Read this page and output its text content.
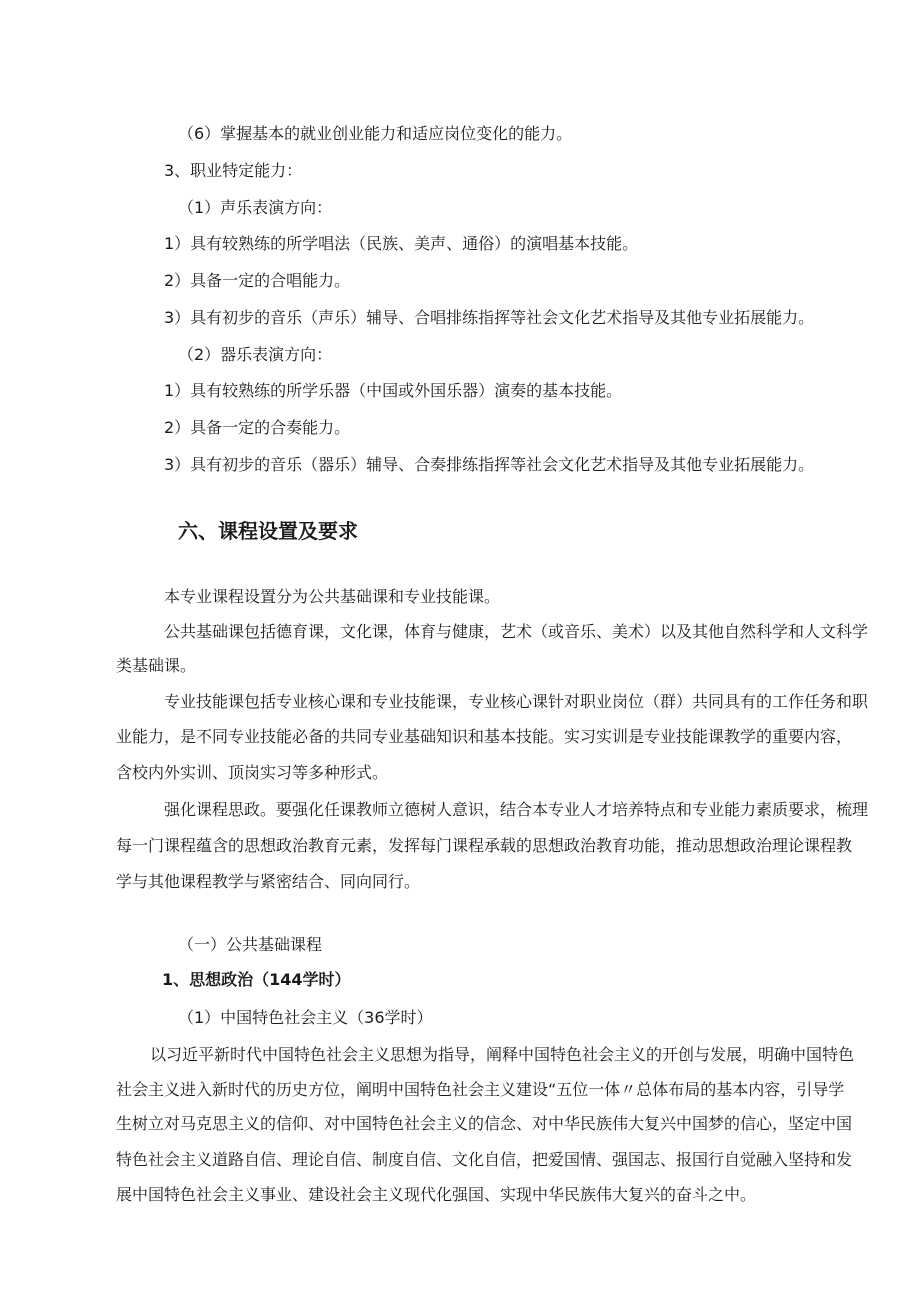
（6）掌握基本的就业创业能力和适应岗位变化的能力。

3、职业特定能力：

（1）声乐表演方向：

1）具有较熟练的所学唱法（民族、美声、通俗）的演唱基本技能。

2）具备一定的合唱能力。

3）具有初步的音乐（声乐）辅导、合唱排练指挥等社会文化艺术指导及其他专业拓展能力。

（2）器乐表演方向：

1）具有较熟练的所学乐器（中国或外国乐器）演奏的基本技能。

2）具备一定的合奏能力。

3）具有初步的音乐（器乐）辅导、合奏排练指挥等社会文化艺术指导及其他专业拓展能力。

六、课程设置及要求

本专业课程设置分为公共基础课和专业技能课。

公共基础课包括德育课，文化课，体育与健康，艺术（或音乐、美术）以及其他自然科学和人文科学

类基础课。

专业技能课包括专业核心课和专业技能课，专业核心课针对职业岗位（群）共同具有的工作任务和职

业能力，是不同专业技能必备的共同专业基础知识和基本技能。实习实训是专业技能课教学的重要内容，

含校内外实训、顶岗实习等多种形式。

强化课程思政。要强化任课教师立德树人意识，结合本专业人才培养特点和专业能力素质要求，梳理

每一门课程蕴含的思想政治教育元素，发挥每门课程承载的思想政治教育功能，推动思想政治理论课程教

学与其他课程教学与紧密结合、同向同行。

（一）公共基础课程

1、思想政治（144学时）

（1）中国特色社会主义（36学时）

以习近平新时代中国特色社会主义思想为指导，阐释中国特色社会主义的开创与发展，明确中国特色

社会主义进入新时代的历史方位，阐明中国特色社会主义建设“五位一体〃总体布局的基本内容，引导学

生树立对马克思主义的信仰、对中国特色社会主义的信念、对中华民族伟大复兴中国梦的信心，坚定中国

特色社会主义道路自信、理论自信、制度自信、文化自信，把爱国情、强国志、报国行自觉融入坚持和发

展中国特色社会主义事业、建设社会主义现代化强国、实现中华民族伟大复兴的奋斗之中。
